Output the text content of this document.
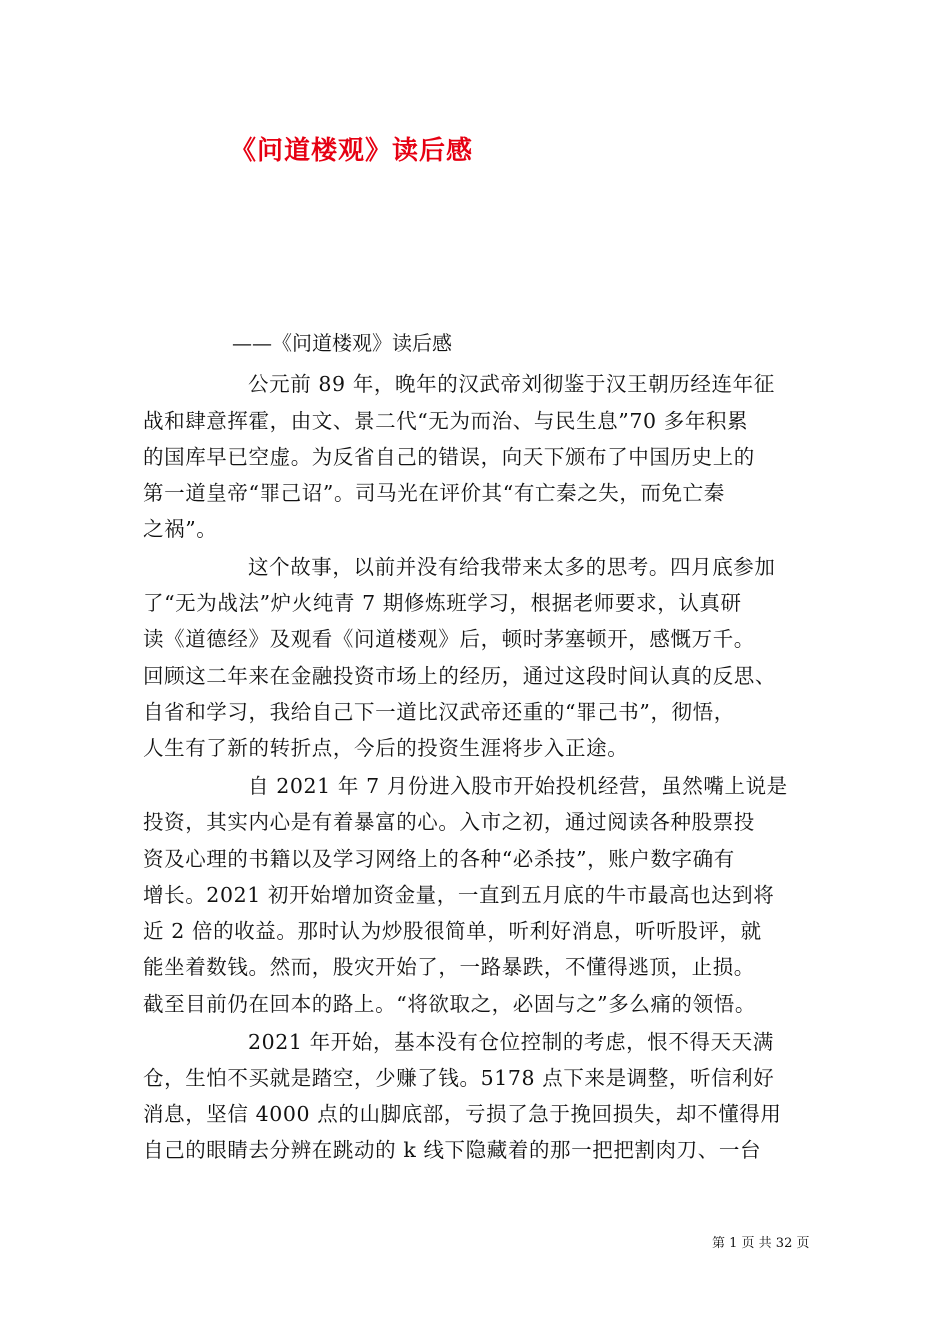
《问道楼观》读后感
——《问道楼观》读后感
公元前 89 年，晚年的汉武帝刘彻鉴于汉王朝历经连年征
战和肆意挥霍，由文、景二代“无为而治、与民生息”70 多年积累
的国库早已空虚。为反省自己的错误，向天下颁布了中国历史上的
第一道皇帝“罪己诏”。司马光在评价其“有亡秦之失，而免亡秦
之祸”。
这个故事，以前并没有给我带来太多的思考。四月底参加
了“无为战法”炉火纯青 7 期修炼班学习，根据老师要求，认真研
读《道德经》及观看《问道楼观》后，顿时茅塞顿开，感慨万千。
回顾这二年来在金融投资市场上的经历，通过这段时间认真的反思、
自省和学习，我给自己下一道比汉武帝还重的“罪己书”，彻悟，
人生有了新的转折点，今后的投资生涯将步入正途。
自 2021 年 7 月份进入股市开始投机经营，虽然嘴上说是
投资，其实内心是有着暴富的心。入市之初，通过阅读各种股票投
资及心理的书籍以及学习网络上的各种“必杀技”，账户数字确有
增长。2021 初开始增加资金量，一直到五月底的牛市最高也达到将
近 2 倍的收益。那时认为炒股很简单，听利好消息，听听股评，就
能坐着数钱。然而，股灾开始了，一路暴跌，不懂得逃顶，止损。
截至目前仍在回本的路上。“将欲取之，必固与之”多么痛的领悟。
2021 年开始，基本没有仓位控制的考虑，恨不得天天满
仓，生怕不买就是踏空，少赚了钱。5178 点下来是调整，听信利好
消息，坚信 4000 点的山脚底部，亏损了急于挽回损失，却不懂得用
自己的眼睛去分辨在跳动的 k 线下隐藏着的那一把把割肉刀、一台
第 1 页 共 32 页
